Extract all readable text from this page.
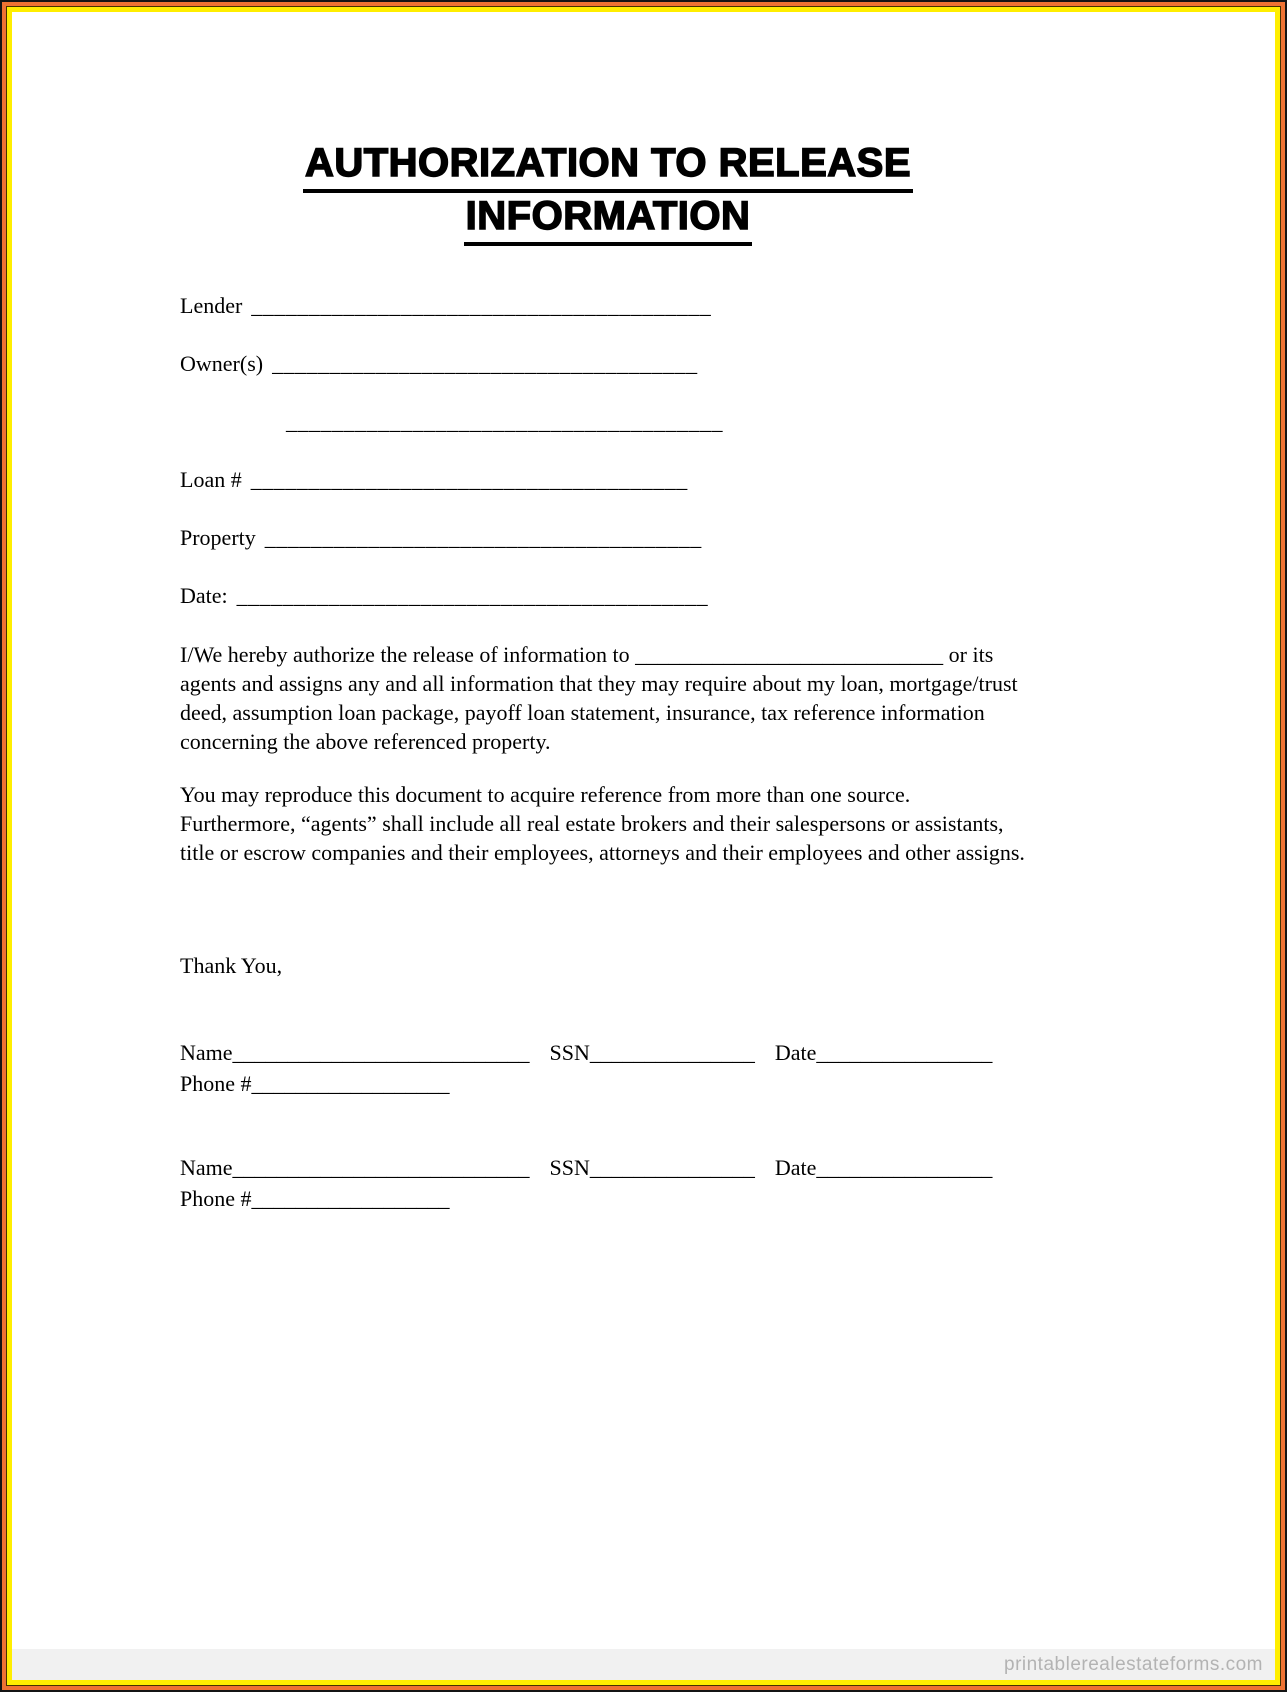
AUTHORIZATION TO RELEASE
INFORMATION
Lender ________________________________________
Owner(s) _____________________________________
______________________________________
Loan # ______________________________________
Property ______________________________________
Date: _________________________________________
I/We hereby authorize the release of information to ____________________________ or its
agents and assigns any and all information that they may require about my loan, mortgage/trust
deed, assumption loan package, payoff loan statement, insurance, tax reference information
concerning the above referenced property.
You may reproduce this document to acquire reference from more than one source.
Furthermore, “agents” shall include all real estate brokers and their salespersons or assistants,
title or escrow companies and their employees, attorneys and their employees and other assigns.
Thank You,
Name___________________________ SSN_______________ Date________________
Phone #__________________
Name___________________________ SSN_______________ Date________________
Phone #__________________
printablerealestateforms.com
